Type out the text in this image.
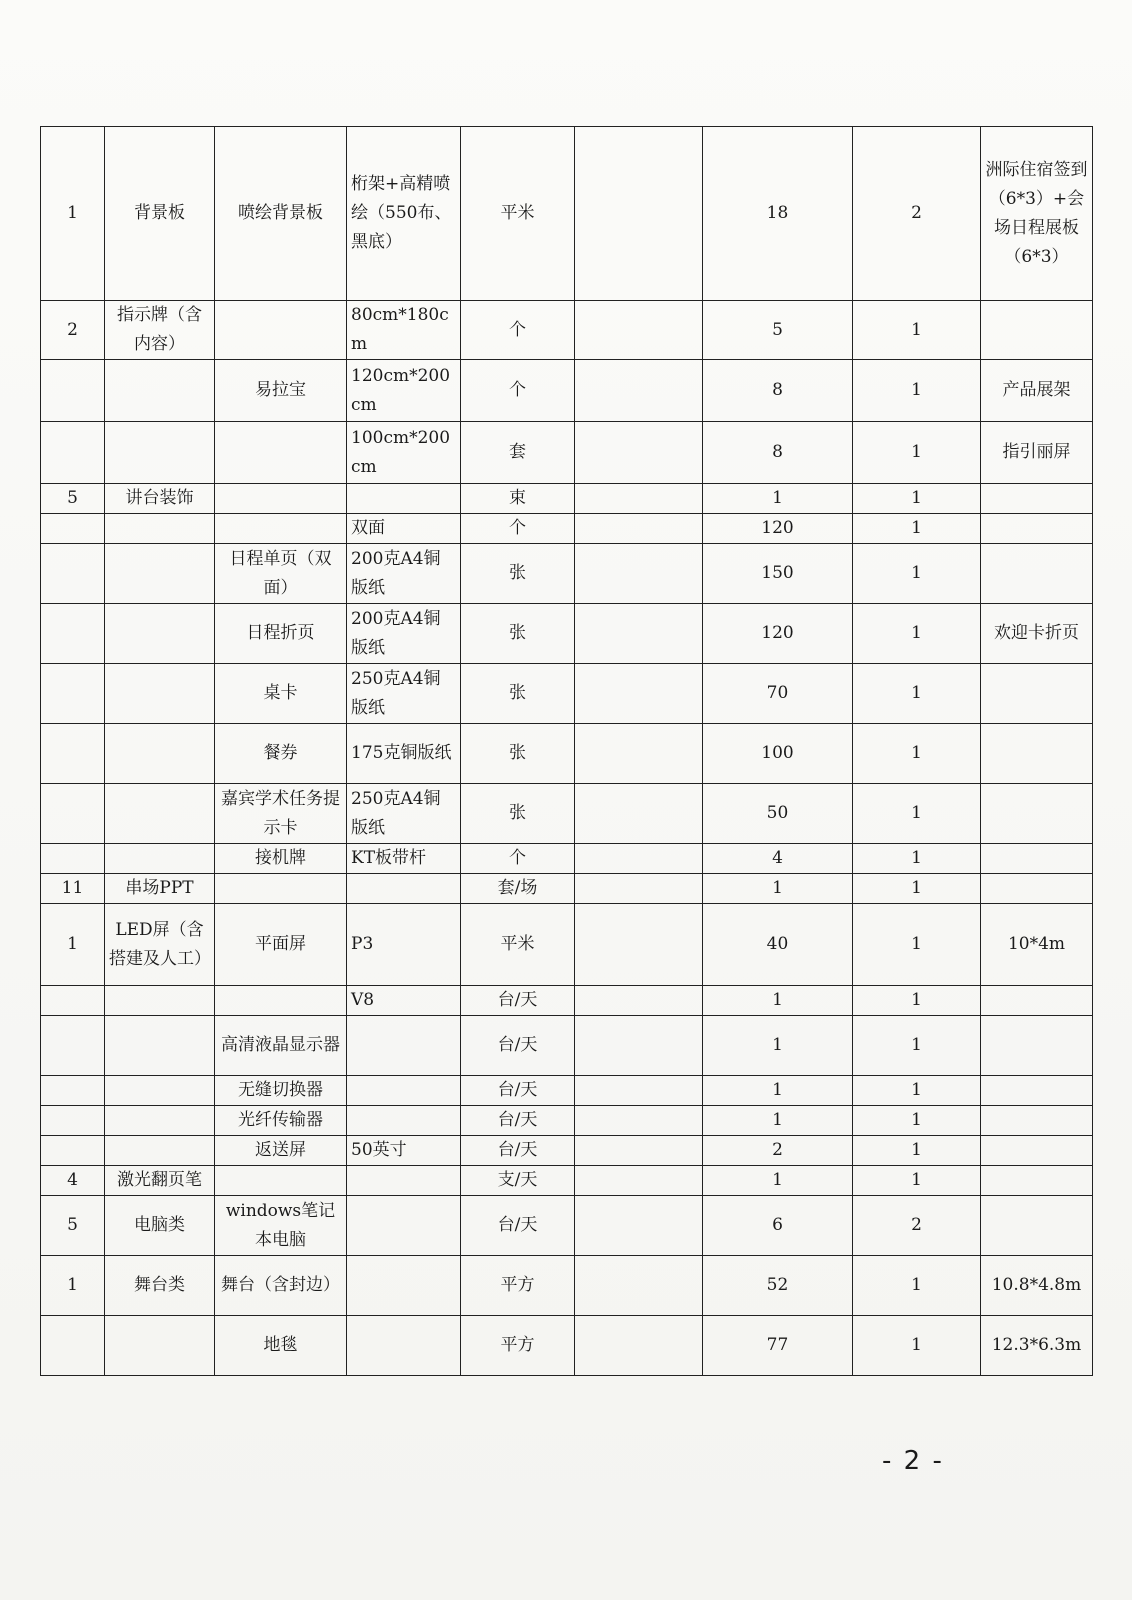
1	背景板	喷绘背景板	桁架+高精喷绘（550布、黑底）	平米		18	2	洲际住宿签到（6*3）+会场日程展板（6*3）
2	指示牌（含内容）		80cm*180cm	个		5	1	
		易拉宝	120cm*200cm	个		8	1	产品展架
			100cm*200cm	套		8	1	指引丽屏
5	讲台装饰			束		1	1	
			双面	个		120	1	
		日程单页（双面）	200克A4铜版纸	张		150	1	
		日程折页	200克A4铜版纸	张		120	1	欢迎卡折页
		桌卡	250克A4铜版纸	张		70	1	
		餐券	175克铜版纸	张		100	1	
		嘉宾学术任务提示卡	250克A4铜版纸	张		50	1	
		接机牌	KT板带杆	个		4	1	
11	串场PPT			套/场		1	1	
1	LED屏（含搭建及人工）	平面屏	P3	平米		40	1	10*4m
			V8	台/天		1	1	
		高清液晶显示器		台/天		1	1	
		无缝切换器		台/天		1	1	
		光纤传输器		台/天		1	1	
		返送屏	50英寸	台/天		2	1	
4	激光翻页笔			支/天		1	1	
5	电脑类	windows笔记本电脑		台/天		6	2	
1	舞台类	舞台（含封边）		平方		52	1	10.8*4.8m
		地毯		平方		77	1	12.3*6.3m
- 2 -
